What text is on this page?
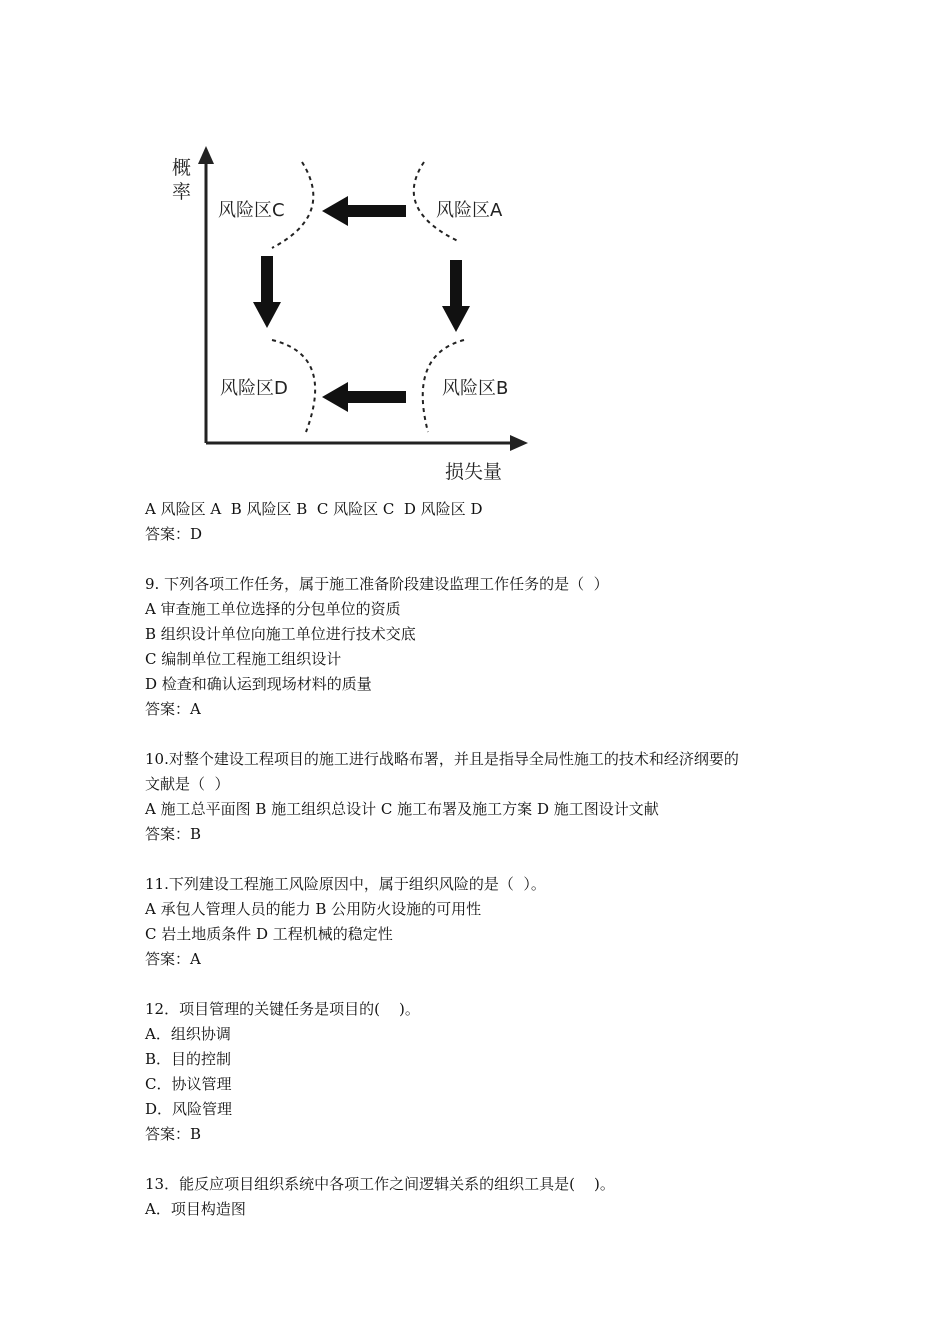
概 率
损失量
风险区C	风险区A
风险区D	风险区B
A 风险区 A  B 风险区 B  C 风险区 C  D 风险区 D
答案：D
9. 下列各项工作任务，属于施工准备阶段建设监理工作任务的是（  ）
A 审查施工单位选择的分包单位的资质
B 组织设计单位向施工单位进行技术交底
C 编制单位工程施工组织设计
D 检查和确认运到现场材料的质量
答案：A
10.对整个建设工程项目的施工进行战略布署，并且是指导全局性施工的技术和经济纲要的
文献是（  ）
A 施工总平面图 B 施工组织总设计 C 施工布署及施工方案 D 施工图设计文献
答案：B
11.下列建设工程施工风险原因中，属于组织风险的是（  ）。
A 承包人管理人员的能力 B 公用防火设施的可用性
C 岩土地质条件 D 工程机械的稳定性
答案：A
12．项目管理的关键任务是项目的(    )。
A．组织协调
B．目的控制
C．协议管理
D．风险管理
答案：B
13．能反应项目组织系统中各项工作之间逻辑关系的组织工具是(    )。
A．项目构造图
